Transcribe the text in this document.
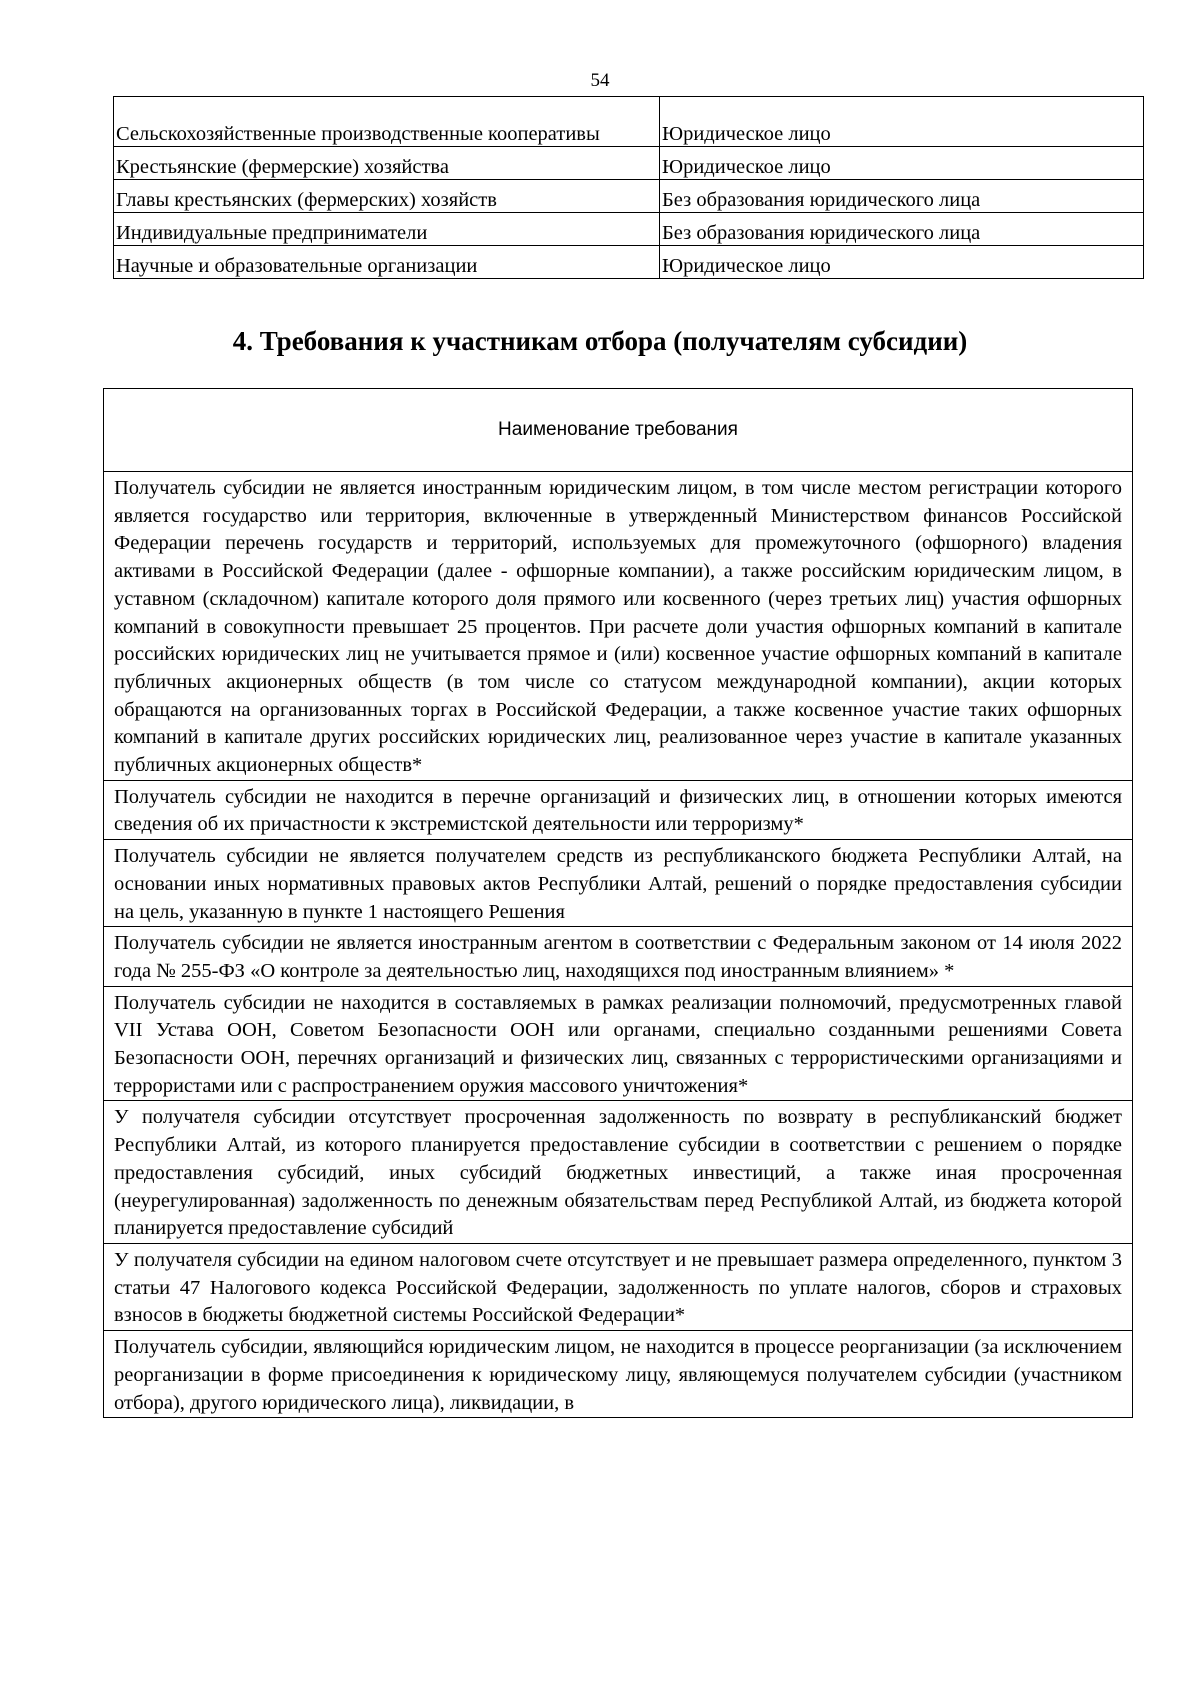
54
Сельскохозяйственные производственные кооперативы	Юридическое лицо
Крестьянские (фермерские) хозяйства	Юридическое лицо
Главы крестьянских (фермерских) хозяйств	Без образования юридического лица
Индивидуальные предприниматели	Без образования юридического лица
Научные и образовательные организации	Юридическое лицо
4. Требования к участникам отбора (получателям субсидии)
Наименование требования
Получатель субсидии не является иностранным юридическим лицом, в том числе местом регистрации которого является государство или территория, включенные в утвержденный Министерством финансов Российской Федерации перечень государств и территорий, используемых для промежуточного (офшорного) владения активами в Российской Федерации (далее - офшорные компании), а также российским юридическим лицом, в уставном (складочном) капитале которого доля прямого или косвенного (через третьих лиц) участия офшорных компаний в совокупности превышает 25 процентов. При расчете доли участия офшорных компаний в капитале российских юридических лиц не учитывается прямое и (или) косвенное участие офшорных компаний в капитале публичных акционерных обществ (в том числе со статусом международной компании), акции которых обращаются на организованных торгах в Российской Федерации, а также косвенное участие таких офшорных компаний в капитале других российских юридических лиц, реализованное через участие в капитале указанных публичных акционерных обществ*
Получатель субсидии не находится в перечне организаций и физических лиц, в отношении которых имеются сведения об их причастности к экстремистской деятельности или терроризму*
Получатель субсидии не является получателем средств из республиканского бюджета Республики Алтай, на основании иных нормативных правовых актов Республики Алтай, решений о порядке предоставления субсидии на цель, указанную в пункте 1 настоящего Решения
Получатель субсидии не является иностранным агентом в соответствии с Федеральным законом от 14 июля 2022 года № 255-ФЗ «О контроле за деятельностью лиц, находящихся под иностранным влиянием» *
Получатель субсидии не находится в составляемых в рамках реализации полномочий, предусмотренных главой VII Устава ООН, Советом Безопасности ООН или органами, специально созданными решениями Совета Безопасности ООН, перечнях организаций и физических лиц, связанных с террористическими организациями и террористами или с распространением оружия массового уничтожения*
У получателя субсидии отсутствует просроченная задолженность по возврату в республиканский бюджет Республики Алтай, из которого планируется предоставление субсидии в соответствии с решением о порядке предоставления субсидий, иных субсидий бюджетных инвестиций, а также иная просроченная (неурегулированная) задолженность по денежным обязательствам перед Республикой Алтай, из бюджета которой планируется предоставление субсидий
У получателя субсидии на едином налоговом счете отсутствует и не превышает размера определенного, пунктом 3 статьи 47 Налогового кодекса Российской Федерации, задолженность по уплате налогов, сборов и страховых взносов в бюджеты бюджетной системы Российской Федерации*
Получатель субсидии, являющийся юридическим лицом, не находится в процессе реорганизации (за исключением реорганизации в форме присоединения к юридическому лицу, являющемуся получателем субсидии (участником отбора), другого юридического лица), ликвидации, в
